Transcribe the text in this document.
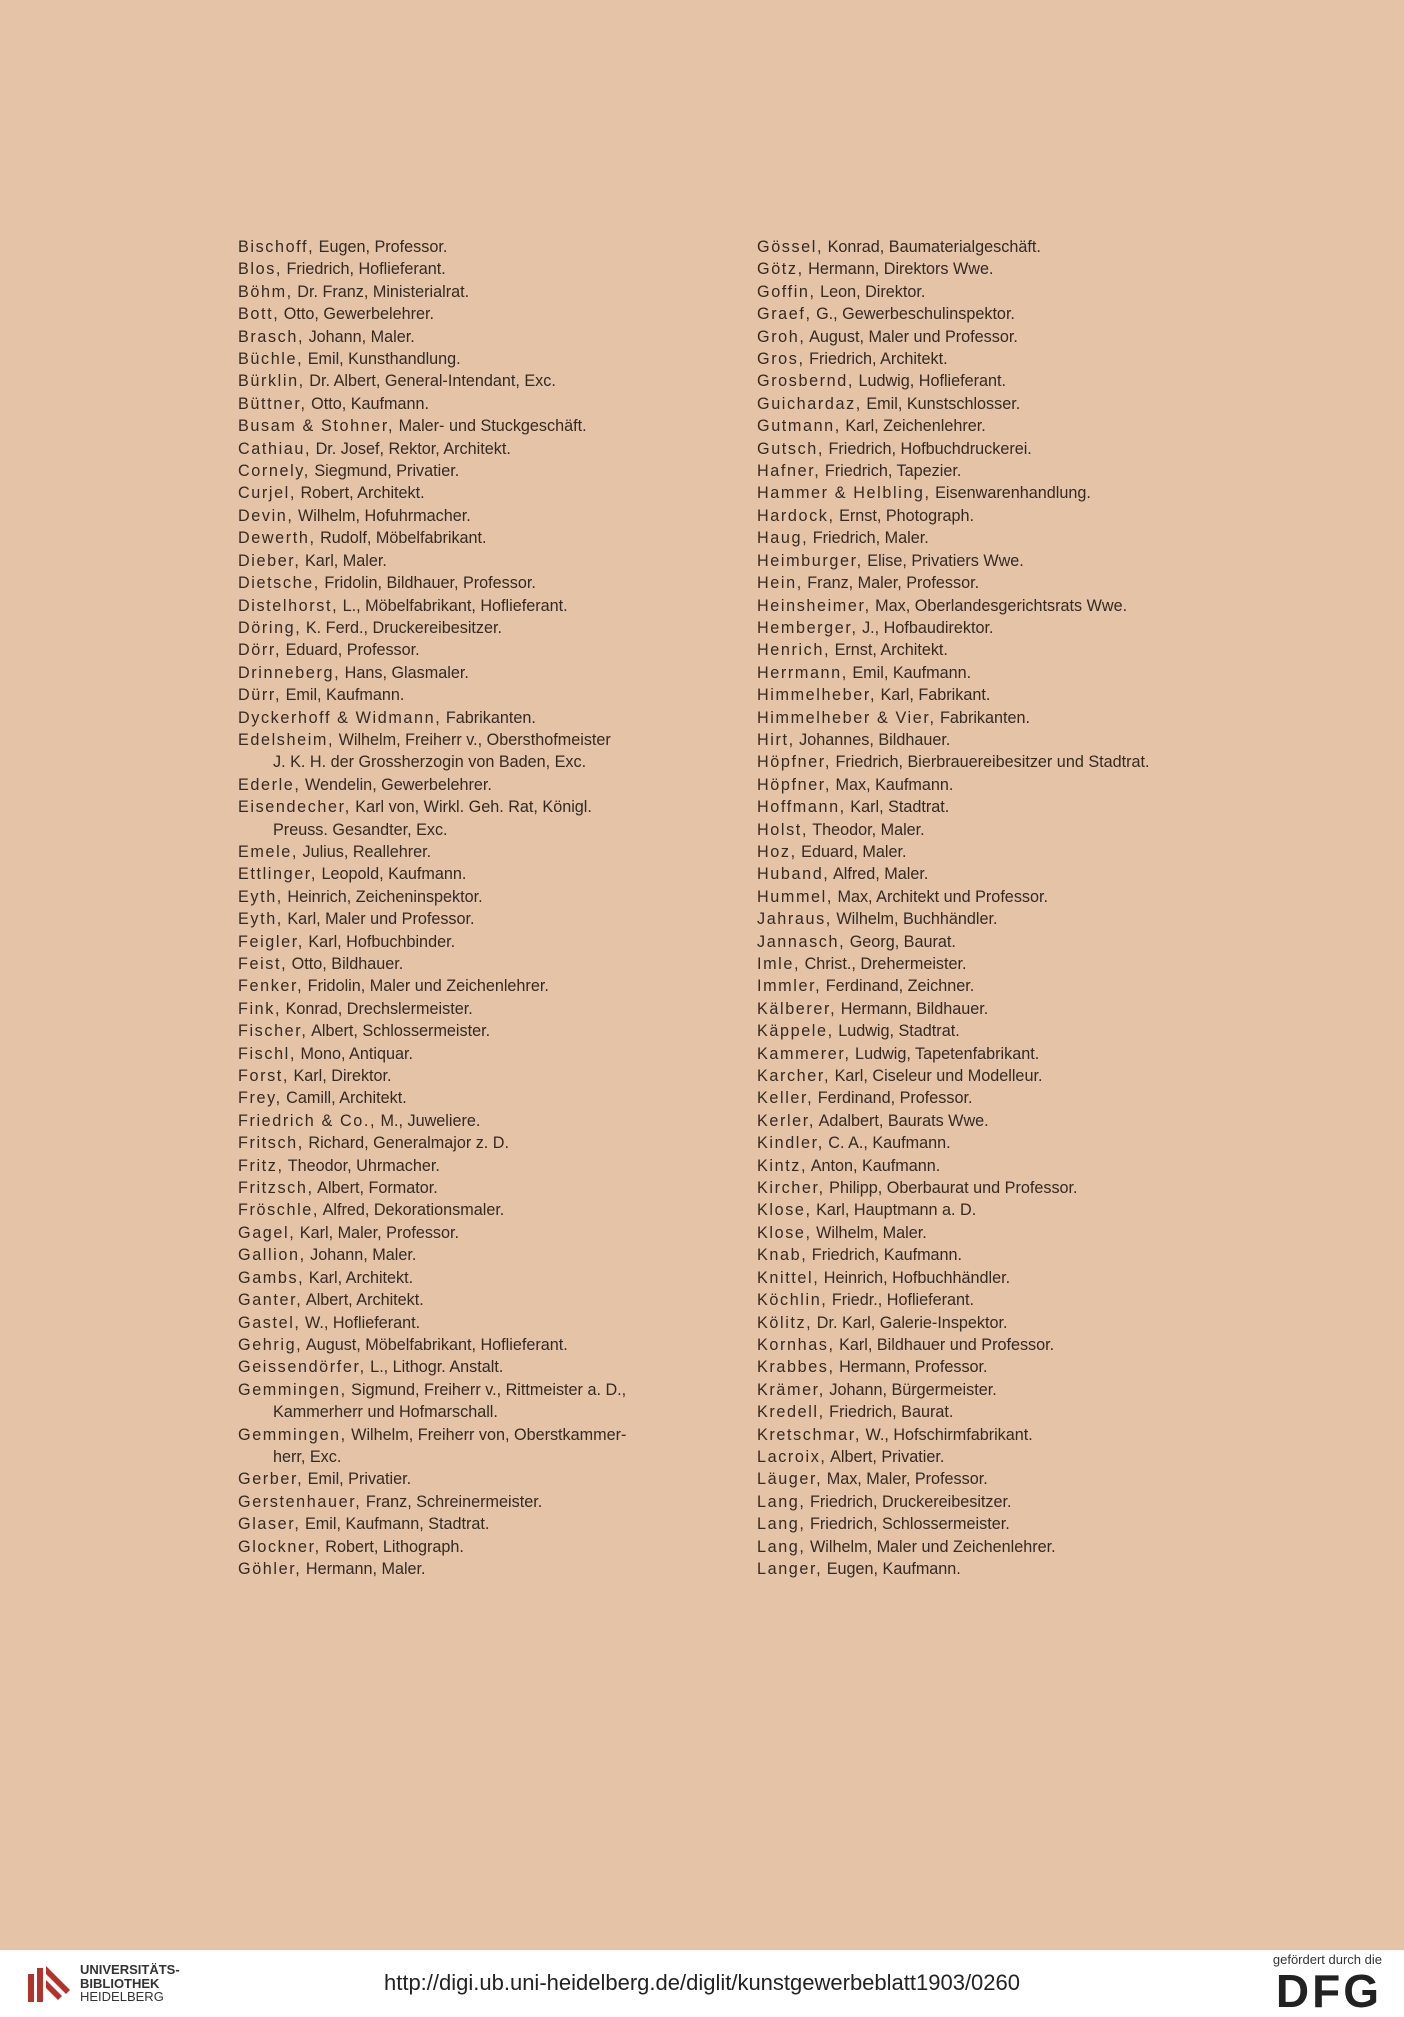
Bischoff, Eugen, Professor.
Blos, Friedrich, Hoflieferant.
Böhm, Dr. Franz, Ministerialrat.
Bott, Otto, Gewerbelehrer.
Brasch, Johann, Maler.
Büchle, Emil, Kunsthandlung.
Bürklin, Dr. Albert, General-Intendant, Exc.
Büttner, Otto, Kaufmann.
Busam & Stohner, Maler- und Stuckgeschäft.
Cathiau, Dr. Josef, Rektor, Architekt.
Cornely, Siegmund, Privatier.
Curjel, Robert, Architekt.
Devin, Wilhelm, Hofuhrmacher.
Dewerth, Rudolf, Möbelfabrikant.
Dieber, Karl, Maler.
Dietsche, Fridolin, Bildhauer, Professor.
Distelhorst, L., Möbelfabrikant, Hoflieferant.
Döring, K. Ferd., Druckereibesitzer.
Dörr, Eduard, Professor.
Drinneberg, Hans, Glasmaler.
Dürr, Emil, Kaufmann.
Dyckerhoff & Widmann, Fabrikanten.
Edelsheim, Wilhelm, Freiherr v., Obersthofmeister
J. K. H. der Grossherzogin von Baden, Exc.
Ederle, Wendelin, Gewerbelehrer.
Eisendecher, Karl von, Wirkl. Geh. Rat, Königl.
Preuss. Gesandter, Exc.
Emele, Julius, Reallehrer.
Ettlinger, Leopold, Kaufmann.
Eyth, Heinrich, Zeicheninspektor.
Eyth, Karl, Maler und Professor.
Feigler, Karl, Hofbuchbinder.
Feist, Otto, Bildhauer.
Fenker, Fridolin, Maler und Zeichenlehrer.
Fink, Konrad, Drechslermeister.
Fischer, Albert, Schlossermeister.
Fischl, Mono, Antiquar.
Forst, Karl, Direktor.
Frey, Camill, Architekt.
Friedrich & Co., M., Juweliere.
Fritsch, Richard, Generalmajor z. D.
Fritz, Theodor, Uhrmacher.
Fritzsch, Albert, Formator.
Fröschle, Alfred, Dekorationsmaler.
Gagel, Karl, Maler, Professor.
Gallion, Johann, Maler.
Gambs, Karl, Architekt.
Ganter, Albert, Architekt.
Gastel, W., Hoflieferant.
Gehrig, August, Möbelfabrikant, Hoflieferant.
Geissendörfer, L., Lithogr. Anstalt.
Gemmingen, Sigmund, Freiherr v., Rittmeister a. D.,
Kammerherr und Hofmarschall.
Gemmingen, Wilhelm, Freiherr von, Oberstkammer-
herr, Exc.
Gerber, Emil, Privatier.
Gerstenhauer, Franz, Schreinermeister.
Glaser, Emil, Kaufmann, Stadtrat.
Glockner, Robert, Lithograph.
Göhler, Hermann, Maler.
Gössel, Konrad, Baumaterialgeschäft.
Götz, Hermann, Direktors Wwe.
Goffin, Leon, Direktor.
Graef, G., Gewerbeschulinspektor.
Groh, August, Maler und Professor.
Gros, Friedrich, Architekt.
Grosbernd, Ludwig, Hoflieferant.
Guichardaz, Emil, Kunstschlosser.
Gutmann, Karl, Zeichenlehrer.
Gutsch, Friedrich, Hofbuchdruckerei.
Hafner, Friedrich, Tapezier.
Hammer & Helbling, Eisenwarenhandlung.
Hardock, Ernst, Photograph.
Haug, Friedrich, Maler.
Heimburger, Elise, Privatiers Wwe.
Hein, Franz, Maler, Professor.
Heinsheimer, Max, Oberlandesgerichtsrats Wwe.
Hemberger, J., Hofbaudirektor.
Henrich, Ernst, Architekt.
Herrmann, Emil, Kaufmann.
Himmelheber, Karl, Fabrikant.
Himmelheber & Vier, Fabrikanten.
Hirt, Johannes, Bildhauer.
Höpfner, Friedrich, Bierbrauereibesitzer und Stadtrat.
Höpfner, Max, Kaufmann.
Hoffmann, Karl, Stadtrat.
Holst, Theodor, Maler.
Hoz, Eduard, Maler.
Huband, Alfred, Maler.
Hummel, Max, Architekt und Professor.
Jahraus, Wilhelm, Buchhändler.
Jannasch, Georg, Baurat.
Imle, Christ., Drehermeister.
Immler, Ferdinand, Zeichner.
Kälberer, Hermann, Bildhauer.
Käppele, Ludwig, Stadtrat.
Kammerer, Ludwig, Tapetenfabrikant.
Karcher, Karl, Ciseleur und Modelleur.
Keller, Ferdinand, Professor.
Kerler, Adalbert, Baurats Wwe.
Kindler, C. A., Kaufmann.
Kintz, Anton, Kaufmann.
Kircher, Philipp, Oberbaurat und Professor.
Klose, Karl, Hauptmann a. D.
Klose, Wilhelm, Maler.
Knab, Friedrich, Kaufmann.
Knittel, Heinrich, Hofbuchhändler.
Köchlin, Friedr., Hoflieferant.
Kölitz, Dr. Karl, Galerie-Inspektor.
Kornhas, Karl, Bildhauer und Professor.
Krabbes, Hermann, Professor.
Krämer, Johann, Bürgermeister.
Kredell, Friedrich, Baurat.
Kretschmar, W., Hofschirmfabrikant.
Lacroix, Albert, Privatier.
Läuger, Max, Maler, Professor.
Lang, Friedrich, Druckereibesitzer.
Lang, Friedrich, Schlossermeister.
Lang, Wilhelm, Maler und Zeichenlehrer.
Langer, Eugen, Kaufmann.
UNIVERSITÄTS-
BIBLIOTHEK
HEIDELBERG
http://digi.ub.uni-heidelberg.de/diglit/kunstgewerbeblatt1903/0260
gefördert durch die
DFG
